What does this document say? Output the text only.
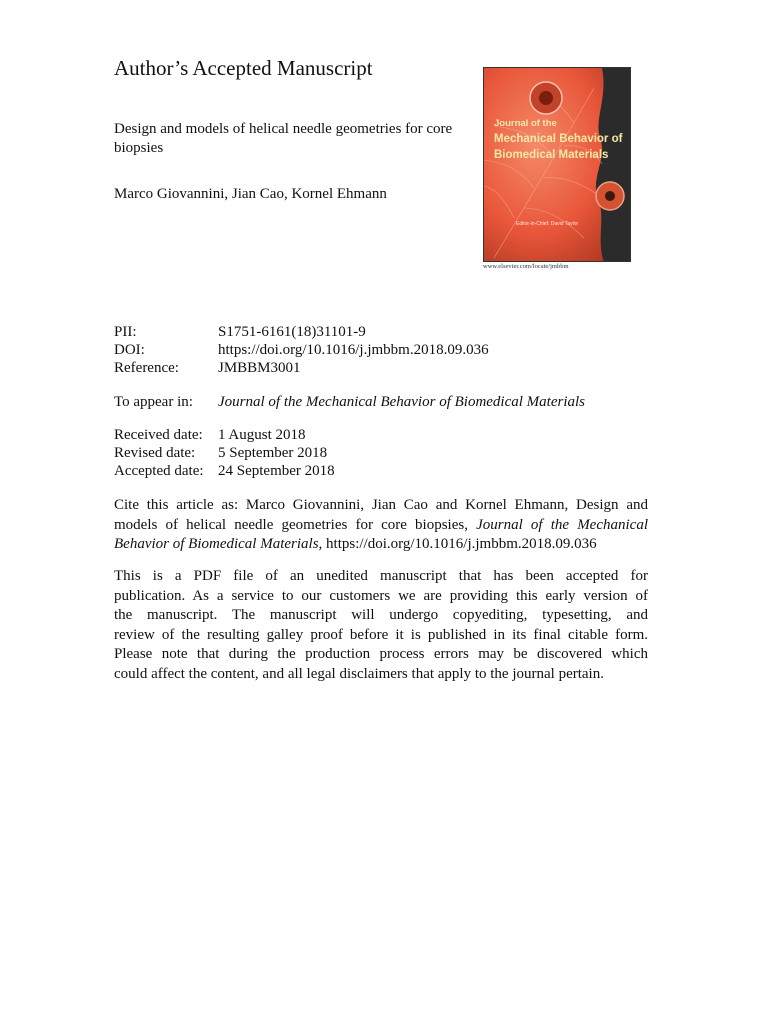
Author’s Accepted Manuscript
Design and models of helical needle geometries for core biopsies
Marco Giovannini, Jian Cao, Kornel Ehmann
Journal of the
Mechanical Behavior of
Biomedical Materials
Editor-in-Chief: David Taylor
www.elsevier.com/locate/jmbbm
PII:	S1751-6161(18)31101-9
DOI:	https://doi.org/10.1016/j.jmbbm.2018.09.036
Reference:	JMBBM3001
To appear in: Journal of the Mechanical Behavior of Biomedical Materials
Received date: 1 August 2018
Revised date: 5 September 2018
Accepted date: 24 September 2018
Cite this article as: Marco Giovannini, Jian Cao and Kornel Ehmann, Design and
models of helical needle geometries for core biopsies, Journal of the Mechanical
Behavior of Biomedical Materials, https://doi.org/10.1016/j.jmbbm.2018.09.036
This is a PDF file of an unedited manuscript that has been accepted for
publication. As a service to our customers we are providing this early version of
the manuscript. The manuscript will undergo copyediting, typesetting, and
review of the resulting galley proof before it is published in its final citable form.
Please note that during the production process errors may be discovered which
could affect the content, and all legal disclaimers that apply to the journal pertain.
